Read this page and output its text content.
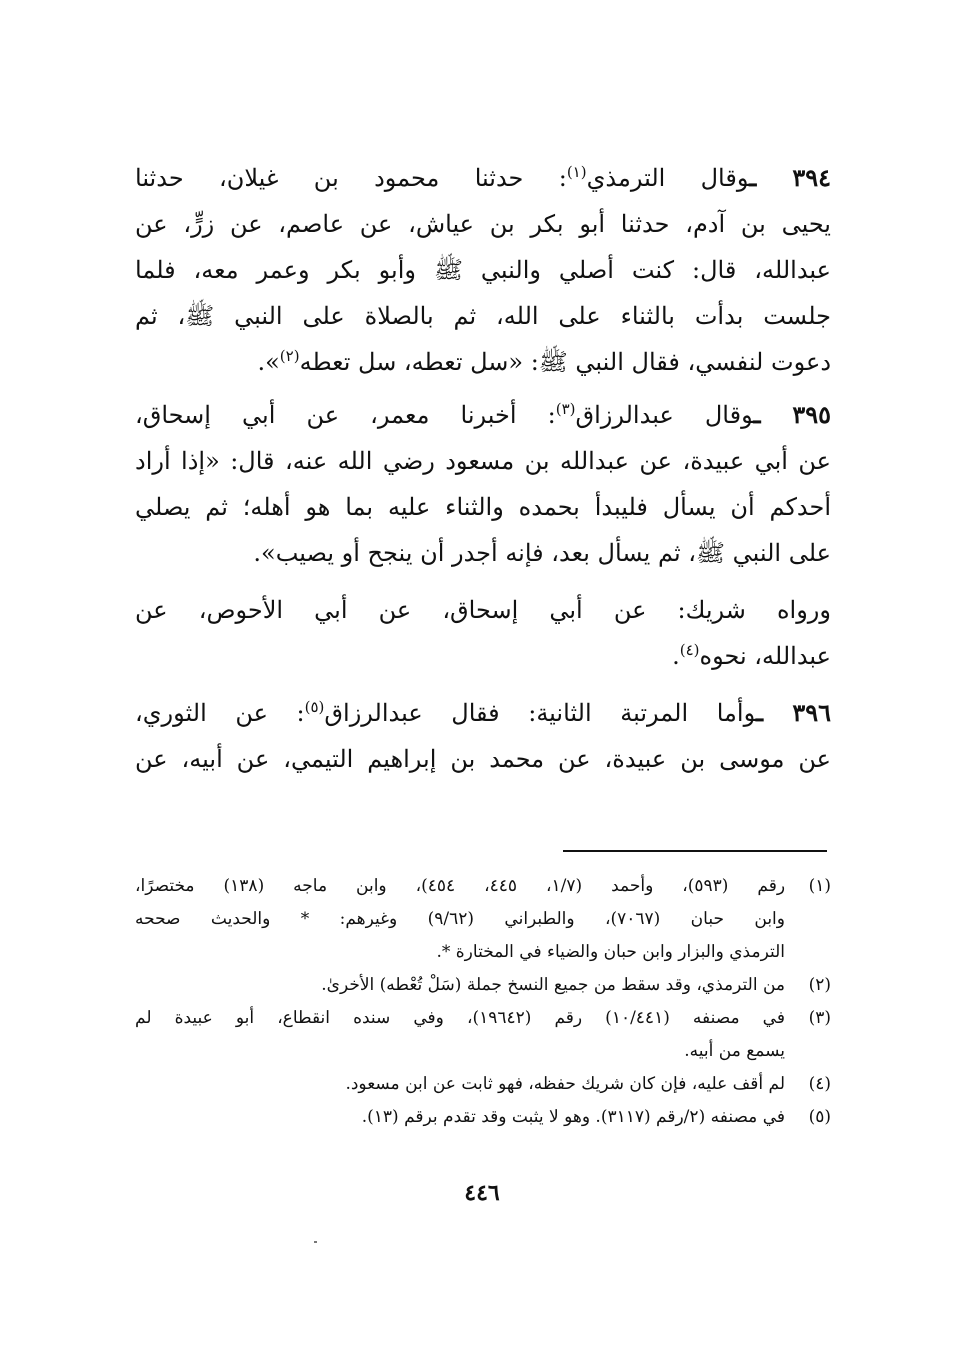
٣٩٤ ـوقال الترمذي$^{(١)}$: حدثنا محمود بن غيلان، حدثنا
يحيى بن آدم، حدثنا أبو بكر بن عياش، عن عاصم، عن زرٍّ، عن
عبدالله، قال: كنت أصلي والنبي ﷺ وأبو بكر وعمر معه، فلما
جلست بدأت بالثناء على الله، ثم بالصلاة على النبي ﷺ، ثم
دعوت لنفسي، فقال النبي ﷺ: «سل تعطه، سل تعطه$^{(٢)}$».
٣٩٥ ـوقال عبدالرزاق$^{(٣)}$: أخبرنا معمر، عن أبي إسحاق،
عن أبي عبيدة، عن عبدالله بن مسعود رضي الله عنه، قال: «إذا أراد
أحدكم أن يسأل فليبدأ بحمده والثناء عليه بما هو أهله؛ ثم يصلي
على النبي ﷺ، ثم يسأل بعد، فإنه أجدر أن ينجح أو يصيب».
ورواه شريك: عن أبي إسحاق، عن أبي الأحوص، عن
عبدالله، نحوه$^{(٤)}$.
٣٩٦ ـوأما المرتبة الثانية: فقال عبدالرزاق$^{(٥)}$: عن الثوري،
عن موسى بن عبيدة، عن محمد بن إبراهيم التيمي، عن أبيه، عن
(١)
رقم (٥٩٣)، وأحمد (١/٧، ٤٤٥، ٤٥٤)، وابن ماجه (١٣٨) مختصرًا،
وابن حبان (٧٠٦٧)، والطبراني (٩/٦٢) وغيرهم: * والحديث صححه
الترمذي والبزار وابن حبان والضياء في المختارة *.
(٢)
من الترمذي، وقد سقط من جميع النسخ جملة (سَلْ تُعْطه) الأخرىٰ.
(٣)
في مصنفه (١٠/٤٤١) رقم (١٩٦٤٢)، وفي سنده انقطاع، أبو عبيدة لم
يسمع من أبيه.
(٤)
لم أقف عليه، فإن كان شريك حفظه، فهو ثابت عن ابن مسعود.
(٥)
في مصنفه (٢/رقم (٣١١٧). وهو لا يثبت وقد تقدم برقم (١٣).
٤٤٦
